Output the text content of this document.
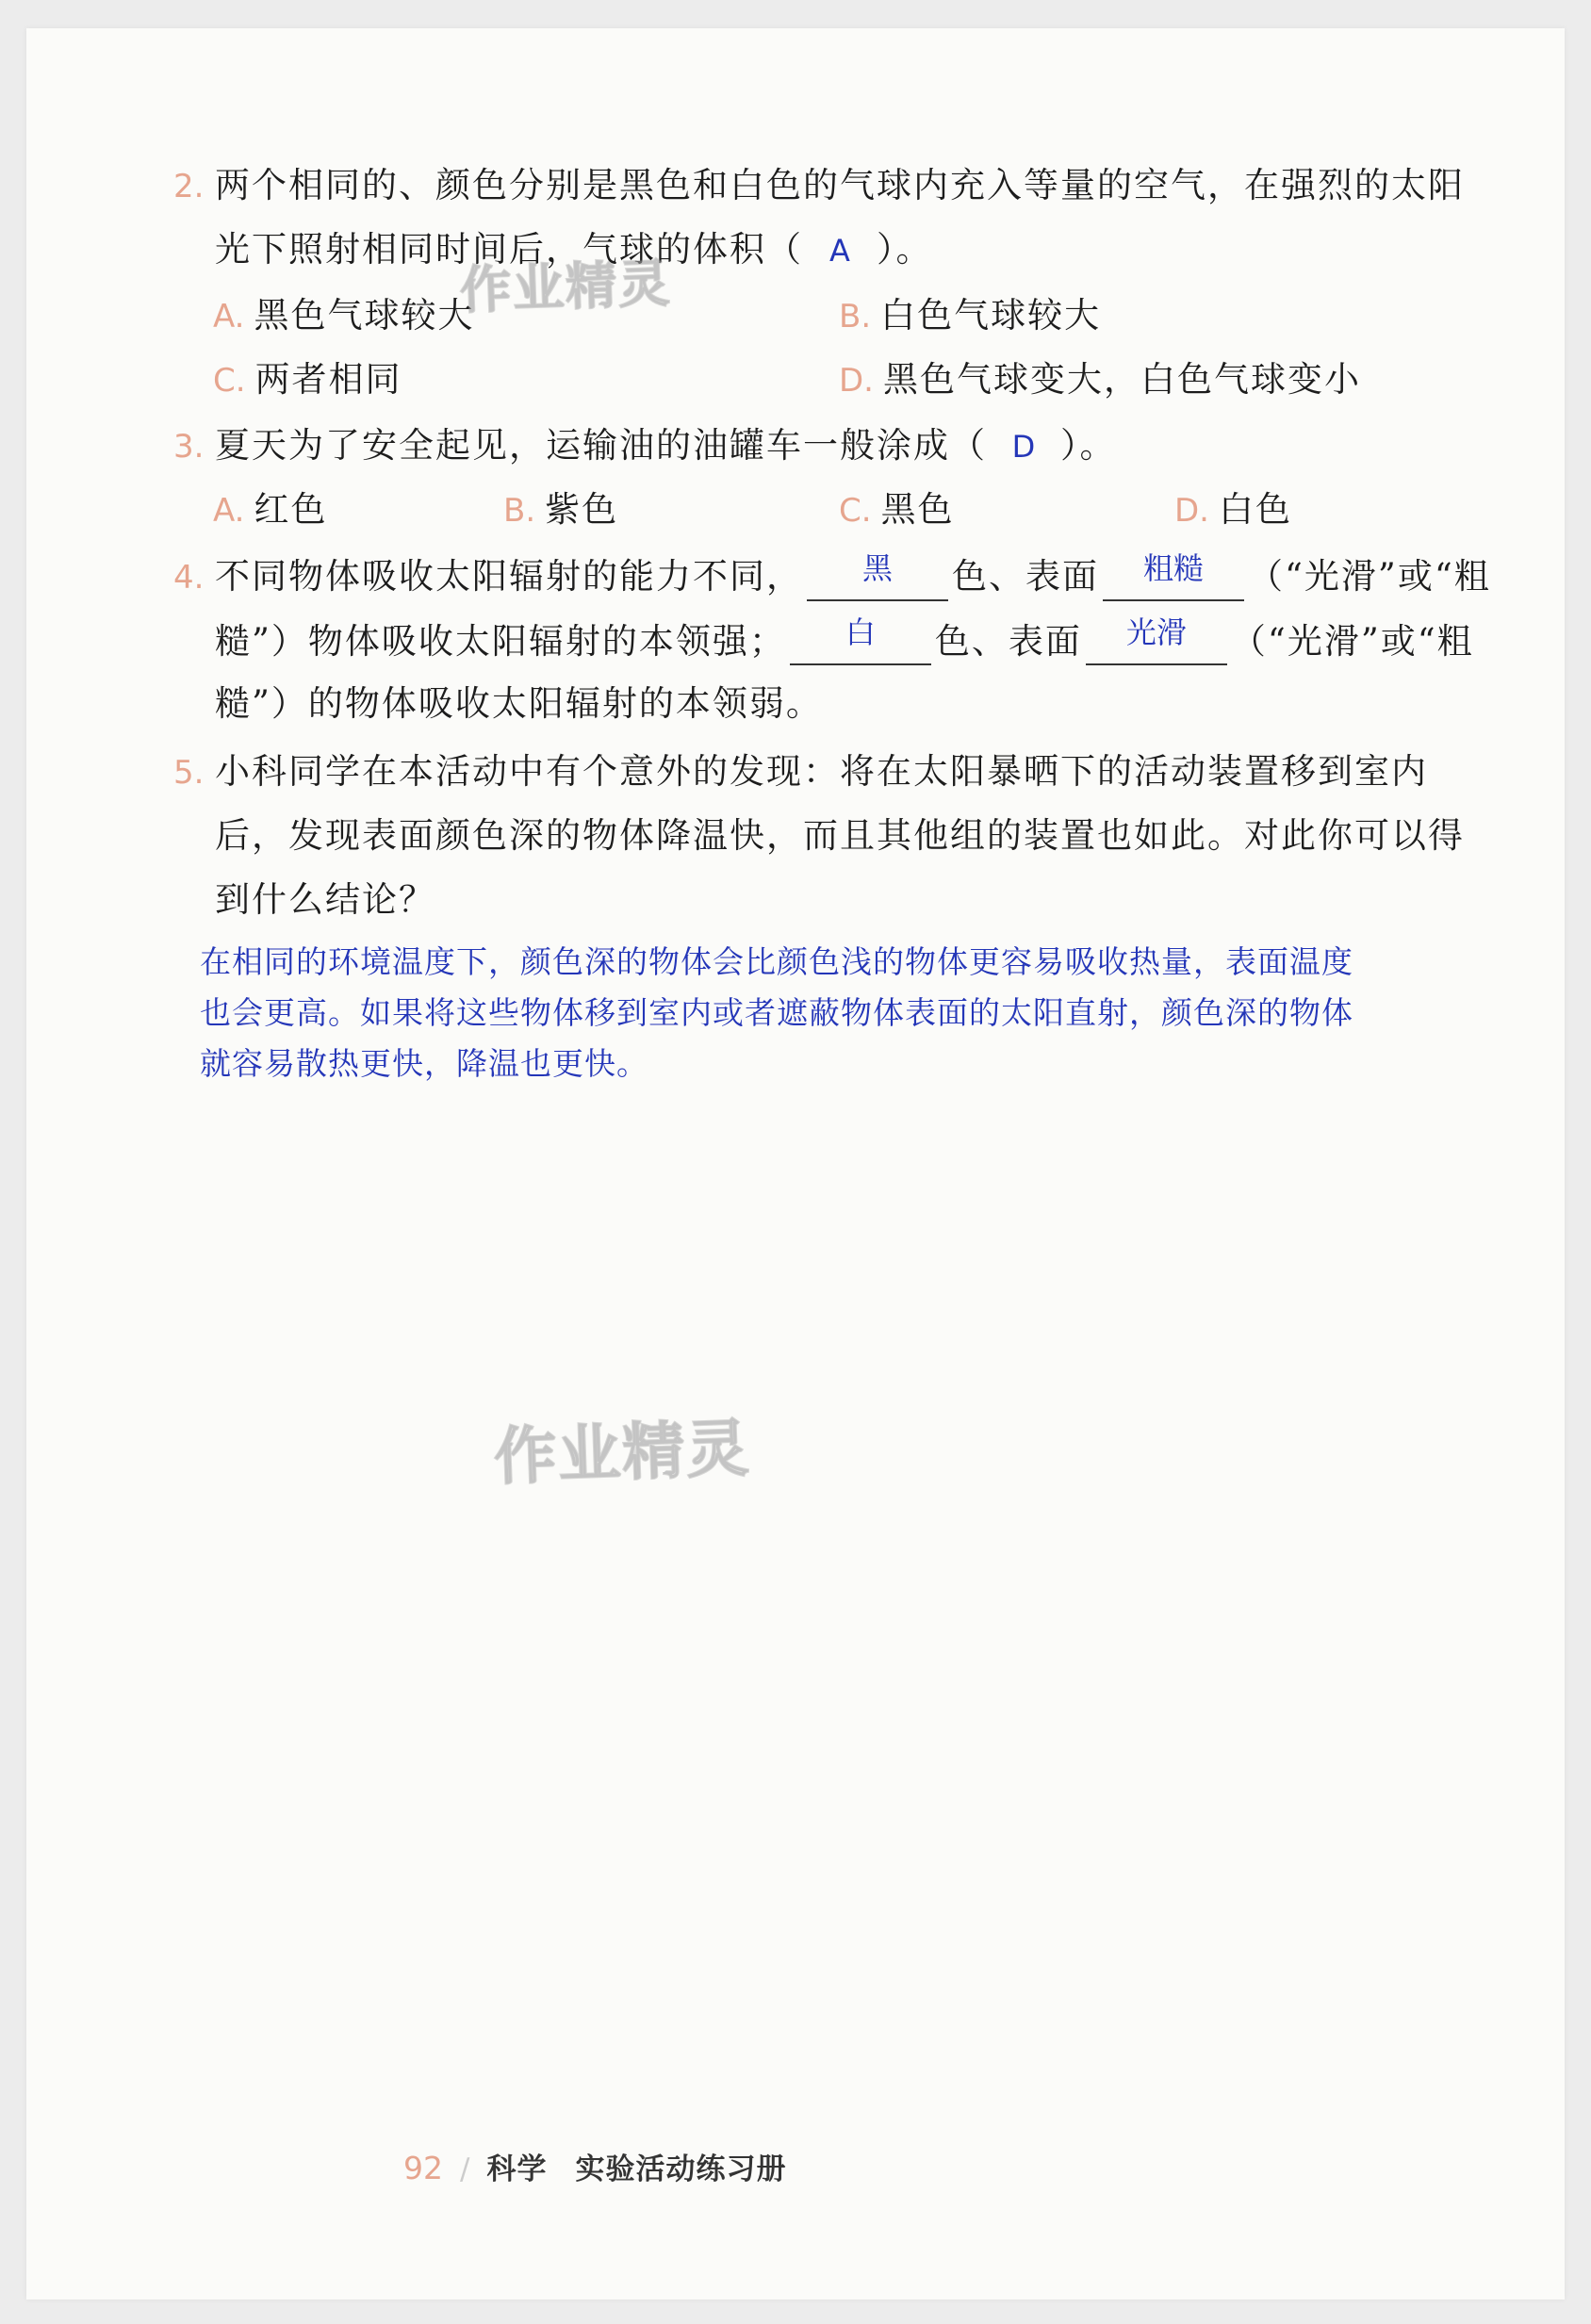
2. 两个相同的、颜色分别是黑色和白色的气球内充入等量的空气，在强烈的太阳
光下照射相同时间后，气球的体积（ A ）。
A. 黑色气球较大	B. 白色气球较大
C. 两者相同	D. 黑色气球变大，白色气球变小
3. 夏天为了安全起见，运输油的油罐车一般涂成（ D ）。
A. 红色	B. 紫色	C. 黑色	D. 白色
4. 不同物体吸收太阳辐射的能力不同，	黑	色、表面	粗糙	（“光滑”或“粗
糙”）物体吸收太阳辐射的本领强；	白	色、表面	光滑	（“光滑”或“粗
糙”）的物体吸收太阳辐射的本领弱。
5. 小科同学在本活动中有个意外的发现：将在太阳暴晒下的活动装置移到室内
后，发现表面颜色深的物体降温快，而且其他组的装置也如此。对此你可以得
到什么结论？
在相同的环境温度下，颜色深的物体会比颜色浅的物体更容易吸收热量，表面温度
也会更高。如果将这些物体移到室内或者遮蔽物体表面的太阳直射，颜色深的物体
就容易散热更快，降温也更快。
作业精灵
作业精灵
92 / 科学 实验活动练习册
